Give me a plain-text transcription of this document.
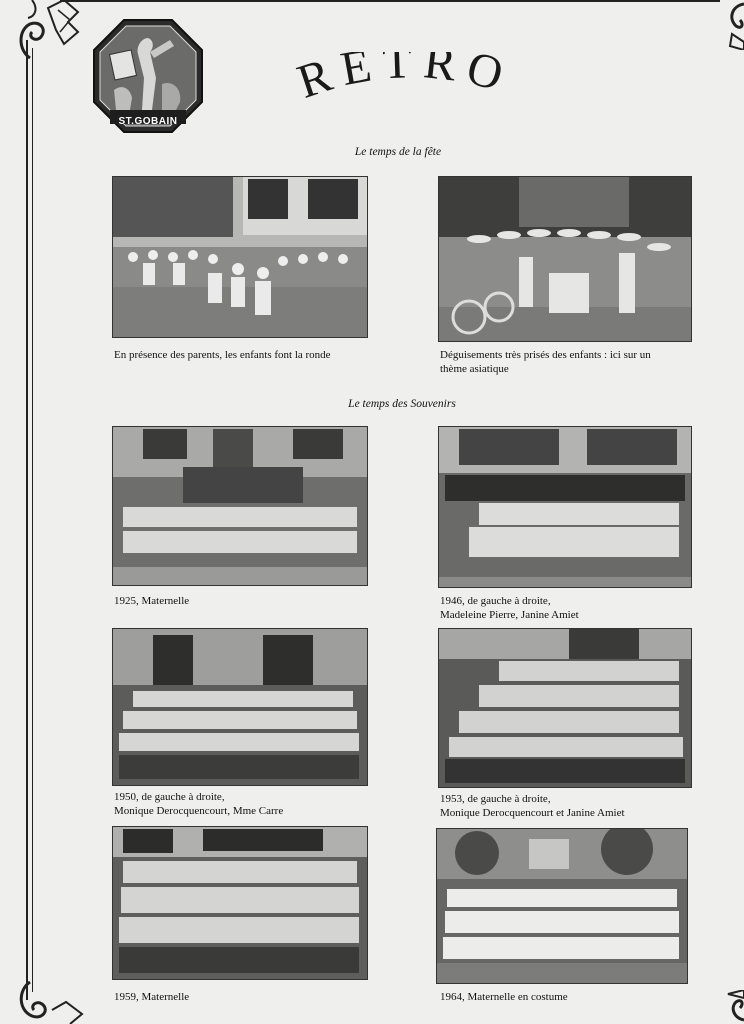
ST.GOBAIN
RETRO
Le temps de la fête
Le temps des Souvenirs
En présence des parents, les enfants font la ronde	Déguisements très prisés des enfants : ici sur un
thème asiatique
1925, Maternelle	1946, de gauche à droite,
Madeleine Pierre, Janine Amiet
1950, de gauche à droite,
Monique Derocquencourt, Mme Carre
1953, de gauche à droite,
Monique Derocquencourt et Janine Amiet
1959, Maternelle	1964, Maternelle en costume
